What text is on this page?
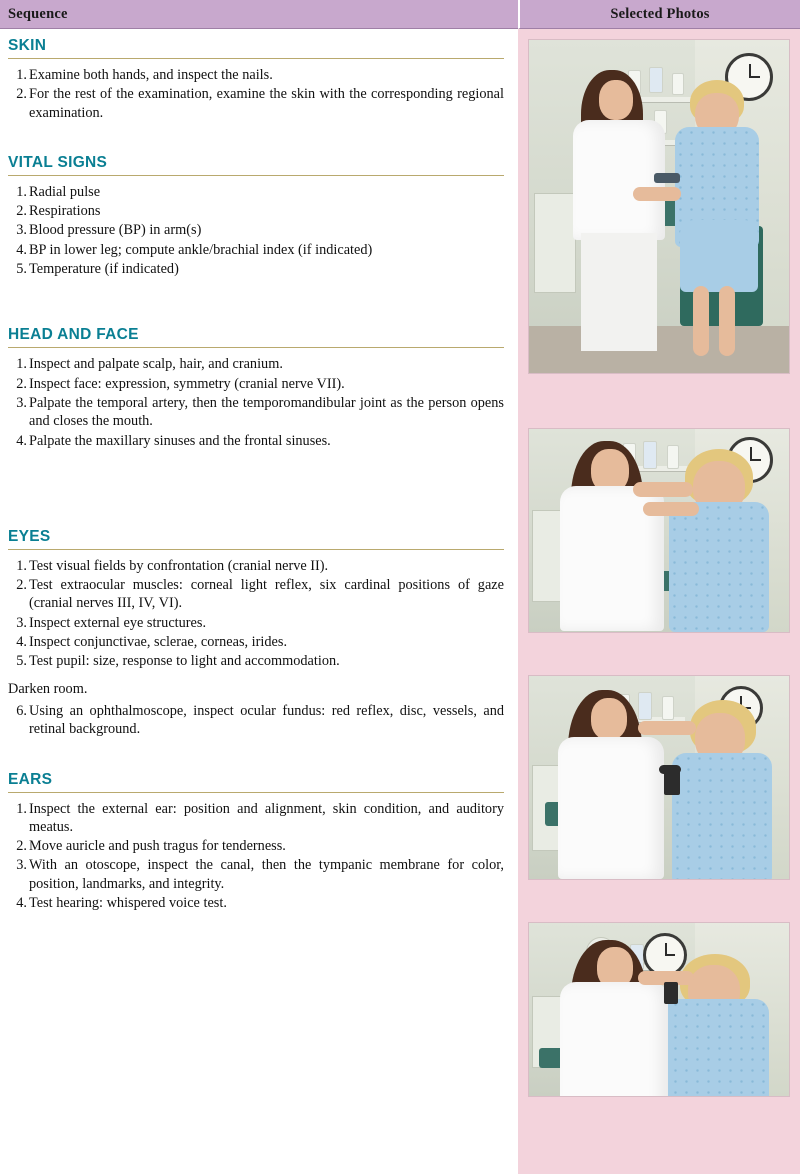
Sequence	Selected Photos
SKIN
1. Examine both hands, and inspect the nails.
2. For the rest of the examination, examine the skin with the corresponding regional examination.
VITAL SIGNS
1. Radial pulse
2. Respirations
3. Blood pressure (BP) in arm(s)
4. BP in lower leg; compute ankle/brachial index (if indicated)
5. Temperature (if indicated)
HEAD AND FACE
1. Inspect and palpate scalp, hair, and cranium.
2. Inspect face: expression, symmetry (cranial nerve VII).
3. Palpate the temporal artery, then the temporomandibular joint as the person opens and closes the mouth.
4. Palpate the maxillary sinuses and the frontal sinuses.
EYES
1. Test visual fields by confrontation (cranial nerve II).
2. Test extraocular muscles: corneal light reflex, six cardinal positions of gaze (cranial nerves III, IV, VI).
3. Inspect external eye structures.
4. Inspect conjunctivae, sclerae, corneas, irides.
5. Test pupil: size, response to light and accommodation.
Darken room.
6. Using an ophthalmoscope, inspect ocular fundus: red reflex, disc, vessels, and retinal background.
EARS
1. Inspect the external ear: position and alignment, skin condition, and auditory meatus.
2. Move auricle and push tragus for tenderness.
3. With an otoscope, inspect the canal, then the tympanic membrane for color, position, landmarks, and integrity.
4. Test hearing: whispered voice test.
